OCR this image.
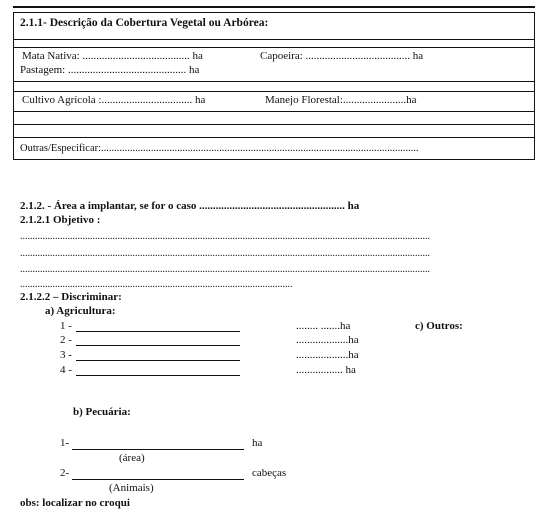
2.1.1- Descrição da Cobertura Vegetal ou Arbórea:
Mata Nativa: ....................................... ha	Capoeira: ...................................... ha
Pastagem: ........................................... ha
Cultivo Agrícola :................................. ha	Manejo Florestal:.......................ha
Outras/Especificar:.........................................................................................................................
2.1.2. - Área a implantar, se for o caso ..................................................... ha
2.1.2.1 Objetivo :
....................................................................................................................................................................
....................................................................................................................................................................
....................................................................................................................................................................
.............................................................................................................
2.1.2.2 – Discriminar:
a) Agricultura:
1 -	........ .......ha	c) Outros:
2 -	...................ha
3 -	...................ha
4 -	................. ha
b) Pecuária:
1-	ha
(área)
2-	cabeças
(Animais)
obs: localizar no croqui
